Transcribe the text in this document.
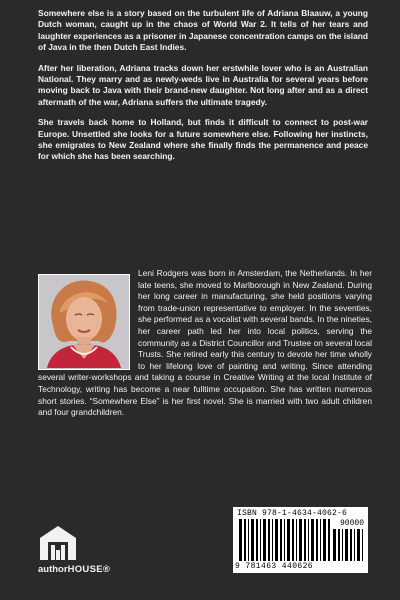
Somewhere else is a story based on the turbulent life of Adriana Blaauw, a young Dutch woman, caught up in the chaos of World War 2. It tells of her tears and laughter experiences as a prisoner in Japanese concentration camps on the island of Java in the then Dutch East Indies.

After her liberation, Adriana tracks down her erstwhile lover who is an Australian National. They marry and as newly-weds live in Australia for several years before moving back to Java with their brand-new daughter. Not long after and as a direct aftermath of the war, Adriana suffers the ultimate tragedy.

She travels back home to Holland, but finds it difficult to connect to post-war Europe. Unsettled she looks for a future somewhere else. Following her instincts, she emigrates to New Zealand where she finally finds the permanence and peace for which she has been searching.

Leni Rodgers was born in Amsterdam, the Netherlands. In her late teens, she moved to Marlborough in New Zealand. During her long career in manufacturing, she held positions varying from trade-union representative to employer. In the seventies, she performed as a vocalist with several bands. In the nineties, her career path led her into local politics, serving the community as a District Councillor and Trustee on several local Trusts. She retired early this century to devote her time wholly to her lifelong love of painting and writing. Since attending several writer-workshops and taking a course in Creative Writing at the local Institute of Technology, writing has become a near fulltime occupation. She has written numerous short stories. “Somewhere Else” is her first novel. She is married with two adult children and four grandchildren.
ISBN 978-1-4634-4062-6
90000
9 781463 440626
authorHOUSE®
